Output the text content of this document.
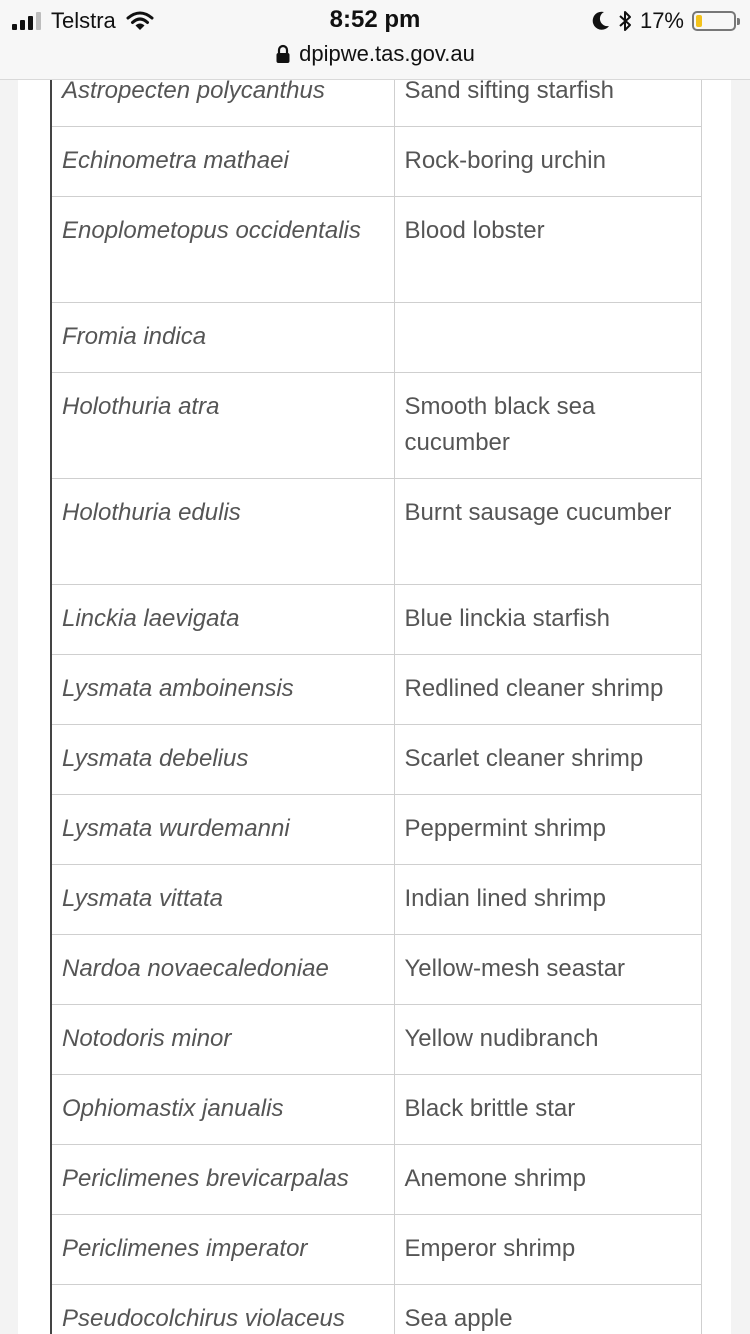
Telstra	8:52 pm	17%
dpipwe.tas.gov.au
Astropecten polycanthus	Sand sifting starfish
Echinometra mathaei	Rock-boring urchin
Enoplometopus occidentalis	Blood lobster
Fromia indica	
Holothuria atra	Smooth black sea cucumber
Holothuria edulis	Burnt sausage cucumber
Linckia laevigata	Blue linckia starfish
Lysmata amboinensis	Redlined cleaner shrimp
Lysmata debelius	Scarlet cleaner shrimp
Lysmata wurdemanni	Peppermint shrimp
Lysmata vittata	Indian lined shrimp
Nardoa novaecaledoniae	Yellow-mesh seastar
Notodoris minor	Yellow nudibranch
Ophiomastix janualis	Black brittle star
Periclimenes brevicarpalas	Anemone shrimp
Periclimenes imperator	Emperor shrimp
Pseudocolchirus violaceus	Sea apple
